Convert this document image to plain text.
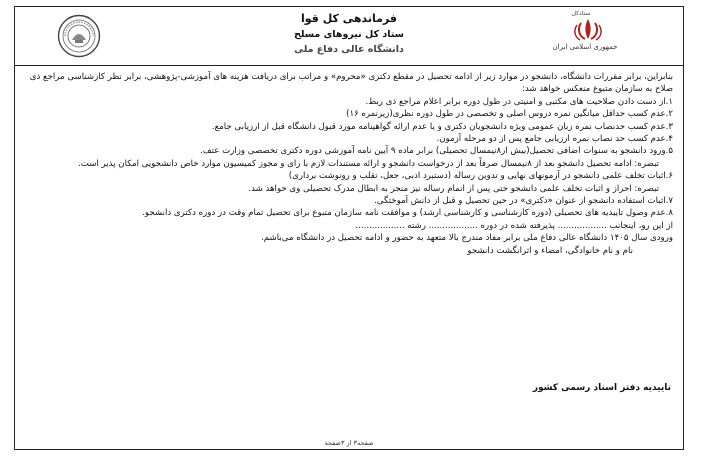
فرماندهی کل قوا
ستاد کل نیروهای مسلح
دانشگاه عالی دفاع ملی
ستادکل
جمهوری اسلامی ایران

بنابراین، برابر مقررات دانشگاه، دانشجو در موارد زیر از ادامه تحصیل در مقطع دکتری «محروم» و مراتب برای دریافت هزینه های آموزشی-پژوهشی، برابر نظر کارشناسی مراجع ذی صلاح به سازمان متبوع منعکس خواهد شد:

۱.از دست دادن صلاحیت های مکتبی و امنیتی در طول دوره برابر اعلام مراجع ذی ربط.

۲.عدم کسب حداقل میانگین نمره دروس اصلی و تخصصی در طول دوره نظری(زیرنمره ۱۶)

۳.عدم کسب حدنصاب نمره زبان عمومی ویژه دانشجویان دکتری و یا عدم ارائه گواهینامه مورد قبول دانشگاه قبل از ارزیابی جامع.

۴.عدم کسب حد نصاب نمره ارزیابی جامع پس از دو مرحله آزمون.

۵.ورود دانشجو به سنوات اضافی تحصیل(بیش از۸نیمسال تحصیلی) برابر ماده ۹ آیین نامه آموزشی دوره دکتری تخصصی وزارت عتف.

تبصره: ادامه تحصیل دانشجو بعد از ۸نیمسال صرفاً بعد از درخواست دانشجو و ارائه مستندات لازم با رای و مجوز کمیسیون موارد خاص دانشجویی امکان پذیر است.

۶.اثبات تخلف علمی دانشجو در آزمونهای نهایی و تدوین رساله (دستبرد ادبی، جعل، تقلب و رونوشت برداری)

تبصره: احراز و اثبات تخلف علمی دانشجو حتی پس از اتمام رساله نیز منجر به ابطال مدرک تحصیلی وی خواهد شد.

۷.اثبات استفاده دانشجو از عنوان «دکتری» در حین تحصیل و قبل از دانش آموختگی.

۸.عدم وصول تاییدیه های تحصیلی (دوره کارشناسی و کارشناسی ارشد) و موافقت نامه سازمان متبوع برای تحصیل تمام وقت در دوره دکتری دانشجو.

از این رو، اینجانب .................. پذیرفته شده در دوره .................. رشته ..................

ورودی سال ۱۴۰۵ دانشگاه عالی دفاع ملی برابر مفاد مندرج بالا متعهد به حضور و ادامه تحصیل در دانشگاه می‌باشم.

نام و نام خانوادگی، امضاء و اثرانگشت دانشجو

تاییدیه دفتر اسناد رسمی کشور
صفحه۳ از ۳صفحه
